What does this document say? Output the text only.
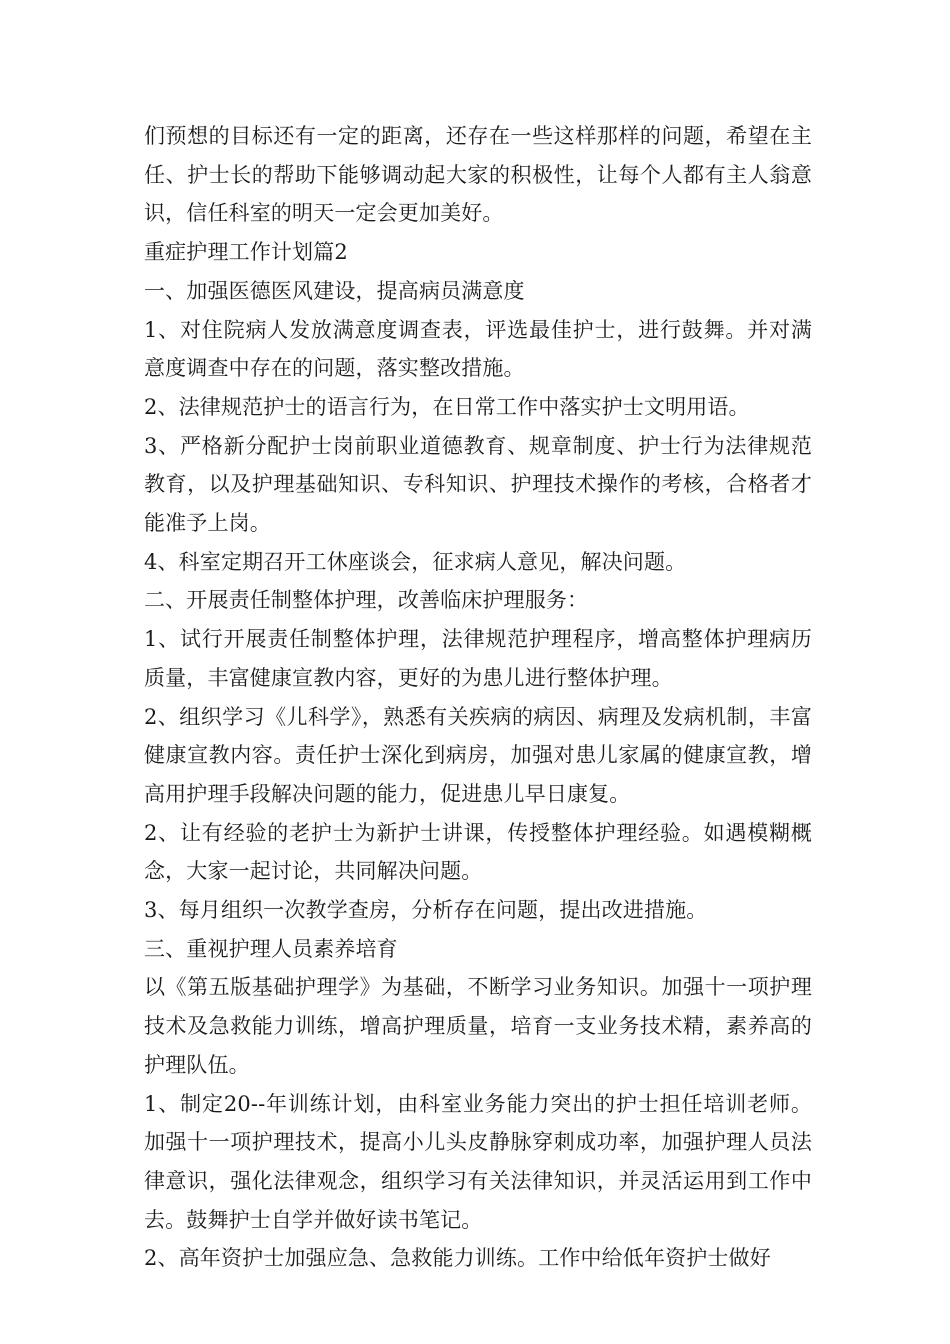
们预想的目标还有一定的距离，还存在一些这样那样的问题，希望在主任、护士长的帮助下能够调动起大家的积极性，让每个人都有主人翁意识，信任科室的明天一定会更加美好。

重症护理工作计划篇2

一、加强医德医风建设，提高病员满意度

1、对住院病人发放满意度调查表，评选最佳护士，进行鼓舞。并对满意度调查中存在的问题，落实整改措施。

2、法律规范护士的语言行为，在日常工作中落实护士文明用语。

3、严格新分配护士岗前职业道德教育、规章制度、护士行为法律规范教育，以及护理基础知识、专科知识、护理技术操作的考核，合格者才能准予上岗。

4、科室定期召开工休座谈会，征求病人意见，解决问题。

二、开展责任制整体护理，改善临床护理服务：

1、试行开展责任制整体护理，法律规范护理程序，增高整体护理病历质量，丰富健康宣教内容，更好的为患儿进行整体护理。

2、组织学习《儿科学》，熟悉有关疾病的病因、病理及发病机制，丰富健康宣教内容。责任护士深化到病房，加强对患儿家属的健康宣教，增高用护理手段解决问题的能力，促进患儿早日康复。

2、让有经验的老护士为新护士讲课，传授整体护理经验。如遇模糊概念，大家一起讨论，共同解决问题。

3、每月组织一次教学查房，分析存在问题，提出改进措施。

三、重视护理人员素养培育

以《第五版基础护理学》为基础，不断学习业务知识。加强十一项护理技术及急救能力训练，增高护理质量，培育一支业务技术精，素养高的护理队伍。

1、制定20--年训练计划，由科室业务能力突出的护士担任培训老师。加强十一项护理技术，提高小儿头皮静脉穿刺成功率，加强护理人员法律意识，强化法律观念，组织学习有关法律知识，并灵活运用到工作中去。鼓舞护士自学并做好读书笔记。

2、高年资护士加强应急、急救能力训练。工作中给低年资护士做好
